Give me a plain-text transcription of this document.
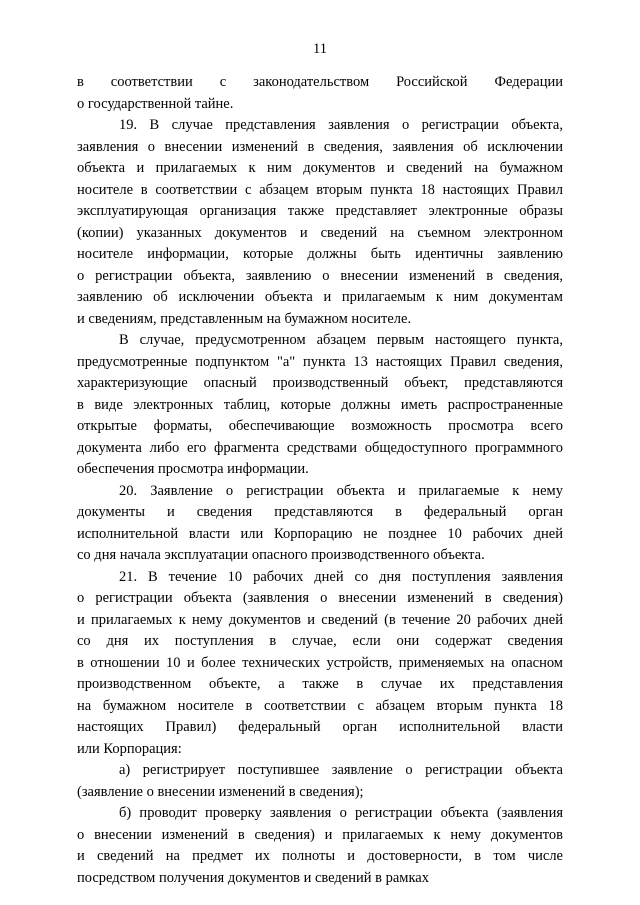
11
в соответствии с законодательством Российской Федерации
о государственной тайне.
19. В случае представления заявления о регистрации объекта,
заявления о внесении изменений в сведения, заявления об исключении
объекта и прилагаемых к ним документов и сведений на бумажном
носителе в соответствии с абзацем вторым пункта 18 настоящих Правил
эксплуатирующая организация также представляет электронные образы
(копии) указанных документов и сведений на съемном электронном
носителе информации, которые должны быть идентичны заявлению
о регистрации объекта, заявлению о внесении изменений в сведения,
заявлению об исключении объекта и прилагаемым к ним документам
и сведениям, представленным на бумажном носителе.
В случае, предусмотренном абзацем первым настоящего пункта,
предусмотренные подпунктом "а" пункта 13 настоящих Правил сведения,
характеризующие опасный производственный объект, представляются
в виде электронных таблиц, которые должны иметь распространенные
открытые форматы, обеспечивающие возможность просмотра всего
документа либо его фрагмента средствами общедоступного программного
обеспечения просмотра информации.
20. Заявление о регистрации объекта и прилагаемые к нему
документы и сведения представляются в федеральный орган
исполнительной власти или Корпорацию не позднее 10 рабочих дней
со дня начала эксплуатации опасного производственного объекта.
21. В течение 10 рабочих дней со дня поступления заявления
о регистрации объекта (заявления о внесении изменений в сведения)
и прилагаемых к нему документов и сведений (в течение 20 рабочих дней
со дня их поступления в случае, если они содержат сведения
в отношении 10 и более технических устройств, применяемых на опасном
производственном объекте, а также в случае их представления
на бумажном носителе в соответствии с абзацем вторым пункта 18
настоящих Правил) федеральный орган исполнительной власти
или Корпорация:
а) регистрирует поступившее заявление о регистрации объекта
(заявление о внесении изменений в сведения);
б) проводит проверку заявления о регистрации объекта (заявления
о внесении изменений в сведения) и прилагаемых к нему документов
и сведений на предмет их полноты и достоверности, в том числе
посредством получения документов и сведений в рамках
